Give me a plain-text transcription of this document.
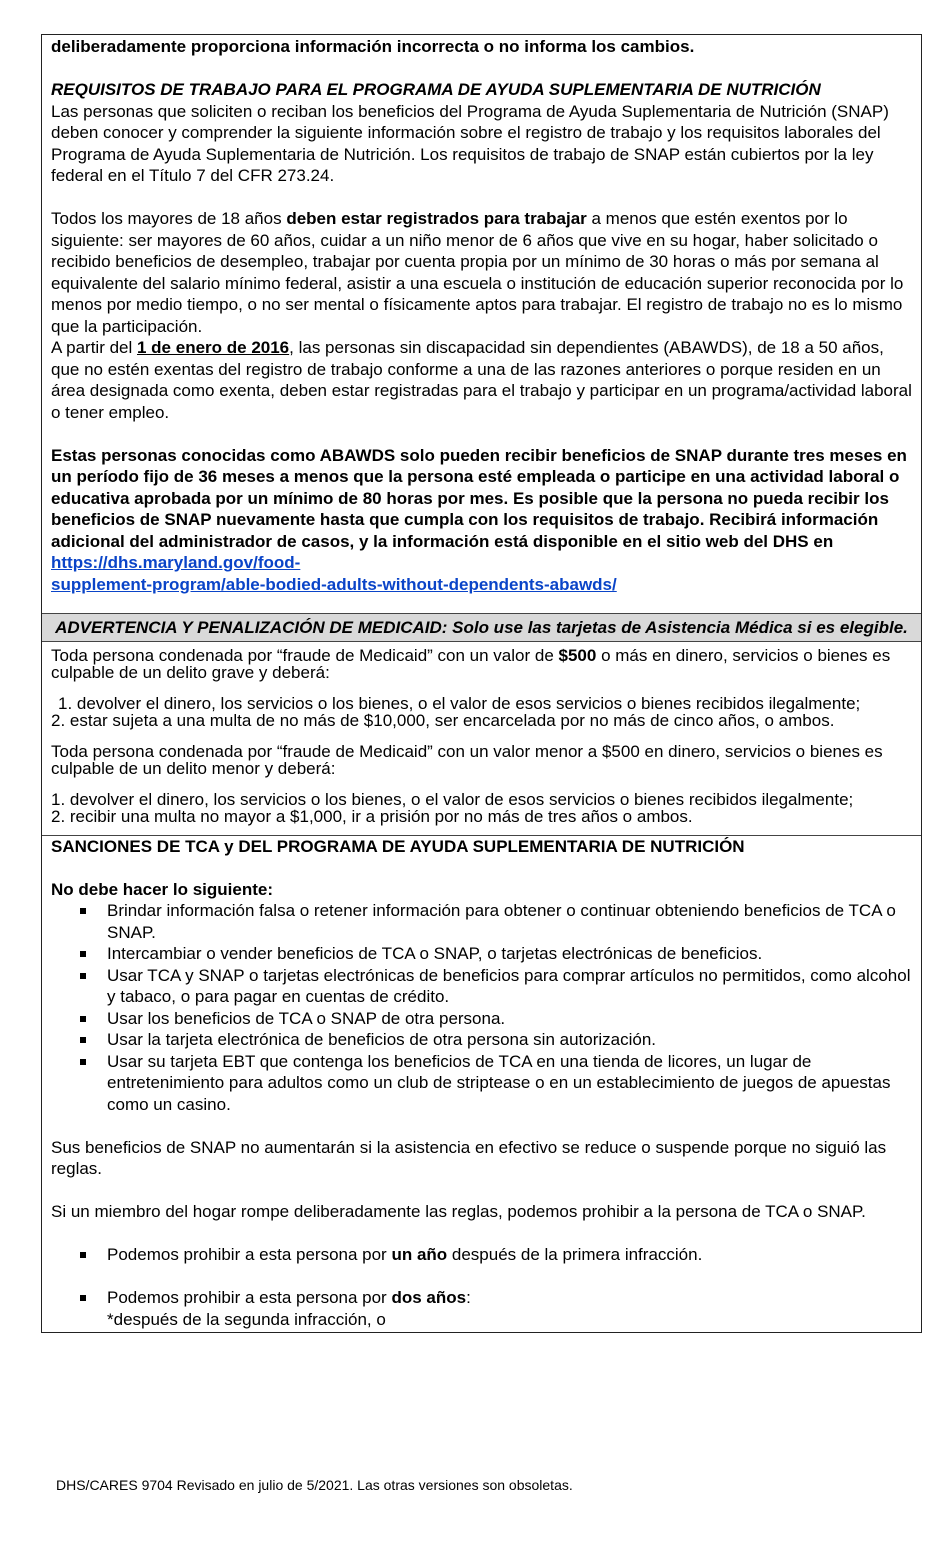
deliberadamente proporciona información incorrecta o no informa los cambios.

REQUISITOS DE TRABAJO PARA EL PROGRAMA DE AYUDA SUPLEMENTARIA DE NUTRICIÓN

Las personas que soliciten o reciban los beneficios del Programa de Ayuda Suplementaria de Nutrición (SNAP) deben conocer y comprender la siguiente información sobre el registro de trabajo y los requisitos laborales del Programa de Ayuda Suplementaria de Nutrición. Los requisitos de trabajo de SNAP están cubiertos por la ley federal en el Título 7 del CFR 273.24.

Todos los mayores de 18 años deben estar registrados para trabajar a menos que estén exentos por lo siguiente: ser mayores de 60 años, cuidar a un niño menor de 6 años que vive en su hogar, haber solicitado o recibido beneficios de desempleo, trabajar por cuenta propia por un mínimo de 30 horas o más por semana al equivalente del salario mínimo federal, asistir a una escuela o institución de educación superior reconocida por lo menos por medio tiempo, o no ser mental o físicamente aptos para trabajar. El registro de trabajo no es lo mismo que la participación.

A partir del 1 de enero de 2016, las personas sin discapacidad sin dependientes (ABAWDS), de 18 a 50 años, que no estén exentas del registro de trabajo conforme a una de las razones anteriores o porque residen en un área designada como exenta, deben estar registradas para el trabajo y participar en un programa/actividad laboral o tener empleo.

Estas personas conocidas como ABAWDS solo pueden recibir beneficios de SNAP durante tres meses en un período fijo de 36 meses a menos que la persona esté empleada o participe en una actividad laboral o educativa aprobada por un mínimo de 80 horas por mes. Es posible que la persona no pueda recibir los beneficios de SNAP nuevamente hasta que cumpla con los requisitos de trabajo. Recibirá información adicional del administrador de casos, y la información está disponible en el sitio web del DHS en https://dhs.maryland.gov/food-
supplement-program/able-bodied-adults-without-dependents-abawds/

ADVERTENCIA Y PENALIZACIÓN DE MEDICAID: Solo use las tarjetas de Asistencia Médica si es elegible.

Toda persona condenada por “fraude de Medicaid” con un valor de $500 o más en dinero, servicios o bienes es culpable de un delito grave y deberá:

1. devolver el dinero, los servicios o los bienes, o el valor de esos servicios o bienes recibidos ilegalmente;

2. estar sujeta a una multa de no más de $10,000, ser encarcelada por no más de cinco años, o ambos.

Toda persona condenada por “fraude de Medicaid” con un valor menor a $500 en dinero, servicios o bienes es culpable de un delito menor y deberá:

1. devolver el dinero, los servicios o los bienes, o el valor de esos servicios o bienes recibidos ilegalmente;

2. recibir una multa no mayor a $1,000, ir a prisión por no más de tres años o ambos.

SANCIONES DE TCA y DEL PROGRAMA DE AYUDA SUPLEMENTARIA DE NUTRICIÓN

No debe hacer lo siguiente:

Brindar información falsa o retener información para obtener o continuar obteniendo beneficios de TCA o SNAP.
Intercambiar o vender beneficios de TCA o SNAP, o tarjetas electrónicas de beneficios.
Usar TCA y SNAP o tarjetas electrónicas de beneficios para comprar artículos no permitidos, como alcohol y tabaco, o para pagar en cuentas de crédito.
Usar los beneficios de TCA o SNAP de otra persona.
Usar la tarjeta electrónica de beneficios de otra persona sin autorización.
Usar su tarjeta EBT que contenga los beneficios de TCA en una tienda de licores, un lugar de entretenimiento para adultos como un club de striptease o en un establecimiento de juegos de apuestas como un casino.

Sus beneficios de SNAP no aumentarán si la asistencia en efectivo se reduce o suspende porque no siguió las reglas.

Si un miembro del hogar rompe deliberadamente las reglas, podemos prohibir a la persona de TCA o SNAP.

Podemos prohibir a esta persona por un año después de la primera infracción.
Podemos prohibir a esta persona por dos años:
*después de la segunda infracción, o
DHS/CARES 9704 Revisado en julio de 5/2021. Las otras versiones son obsoletas.
